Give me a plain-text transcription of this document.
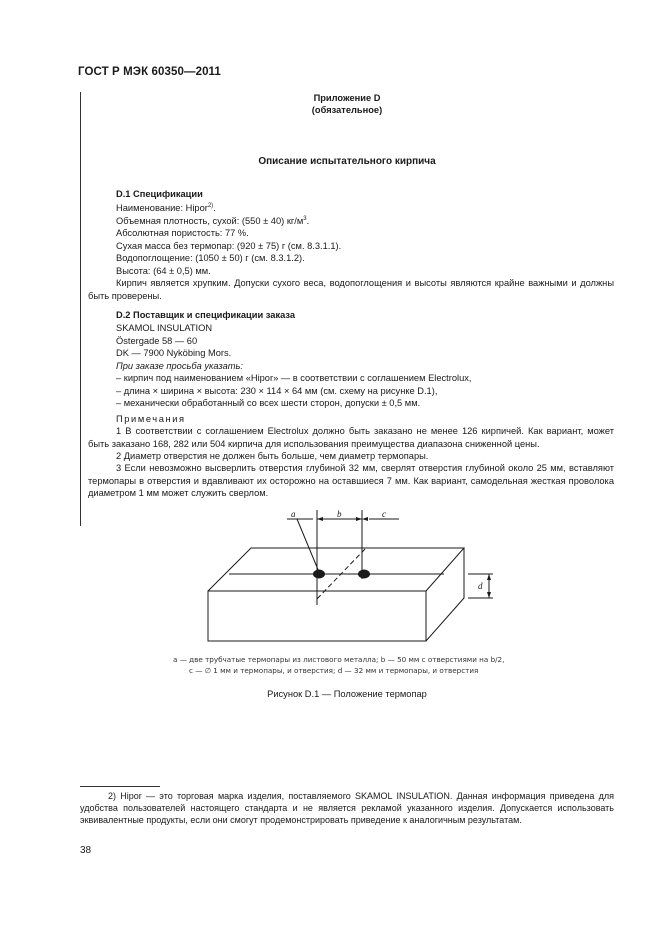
ГОСТ Р МЭК 60350—2011
Приложение D
(обязательное)
Описание испытательного кирпича
D.1 Спецификации
Наименование: Hipor$^{2)}$.
Объемная плотность, сухой: (550 ± 40) $кг/м^3$.
Абсолютная пористость: 77 %.
Сухая масса без термопар: (920 ± 75) г (см. 8.3.1.1).
Водопоглощение: (1050 ± 50) г (см. 8.3.1.2).
Высота: (64 ± 0,5) мм.
Кирпич является хрупким. Допуски сухого веса, водопоглощения и высоты являются крайне важными и должны быть проверены.
D.2 Поставщик и спецификации заказа
SKAMOL INSULATION
Östergade 58 — 60
DK — 7900 Nyköbing Mors.
При заказе просьба указать:
– кирпич под наименованием «Hipor» — в соответствии с соглашением Electrolux,
– длина × ширина × высота: 230 × 114 × 64 мм (см. схему на рисунке D.1),
– механически обработанный со всех шести сторон, допуски ± 0,5 мм.
Примечания
1 В соответствии с соглашением Electrolux должно быть заказано не менее 126 кирпичей. Как вариант, может быть заказано 168, 282 или 504 кирпича для использования преимущества диапазона сниженной цены.
2 Диаметр отверстия не должен быть больше, чем диаметр термопары.
3 Если невозможно высверлить отверстия глубиной 32 мм, сверлят отверстия глубиной около 25 мм, вставляют термопары в отверстия и вдавливают их осторожно на оставшиеся 7 мм. Как вариант, самодельная жесткая проволока диаметром 1 мм может служить сверлом.
a	b	c
d
a — две трубчатые термопары из листового металла; b — 50 мм с отверстиями на b/2,
c — ∅ 1 мм и термопары, и отверстия; d — 32 мм и термопары, и отверстия
Рисунок D.1 — Положение термопар
2) Hipor — это торговая марка изделия, поставляемого SKAMOL INSULATION. Данная информация приведена для удобства пользователей настоящего стандарта и не является рекламой указанного изделия. Допускается использовать эквивалентные продукты, если они смогут продемонстрировать приведение к аналогичным результатам.
38
